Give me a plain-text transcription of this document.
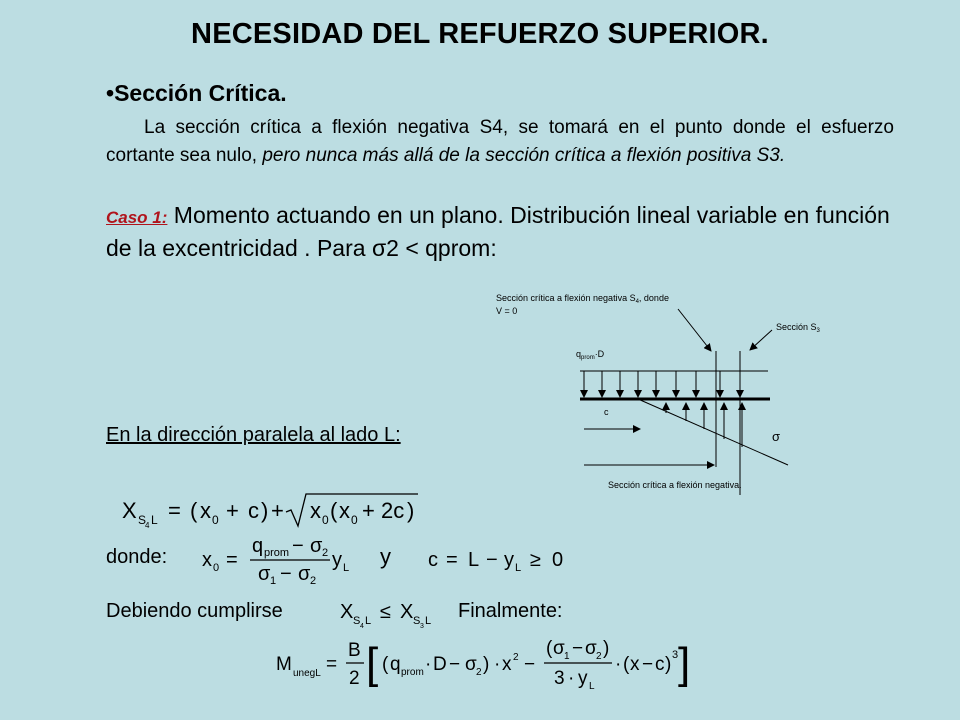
NECESIDAD DEL REFUERZO SUPERIOR.
•Sección Crítica.
La sección crítica a flexión negativa S4, se tomará en el punto donde el esfuerzo cortante sea nulo, pero nunca más allá de la sección crítica a flexión positiva S3.
Caso 1: Momento actuando en un plano. Distribución lineal variable en función de la excentricidad . Para σ2 < qprom:
Sección crítica a flexión negativa $S_4$, donde
V = 0
Sección $S_3$
$q_{prom}\cdot D$
c
σ
Sección crítica a flexión negativa.
En la dirección paralela al lado L:
X S
4 L = ( x 0 + c ) + x 0 ( x 0 + 2c )
donde: x 0 =
q prom − σ 2
σ 1 − σ 2
y L y c = L − y L ≥ 0
Debiendo cumplirse	X S 4 L ≤ X S 3 L Finalmente:
M unegL =
B
2 [ ( q prom · D − σ 2 ) · x 2 −
( σ 1 − σ 2 )
3 · y L
· ( x − c ) 3 ]
